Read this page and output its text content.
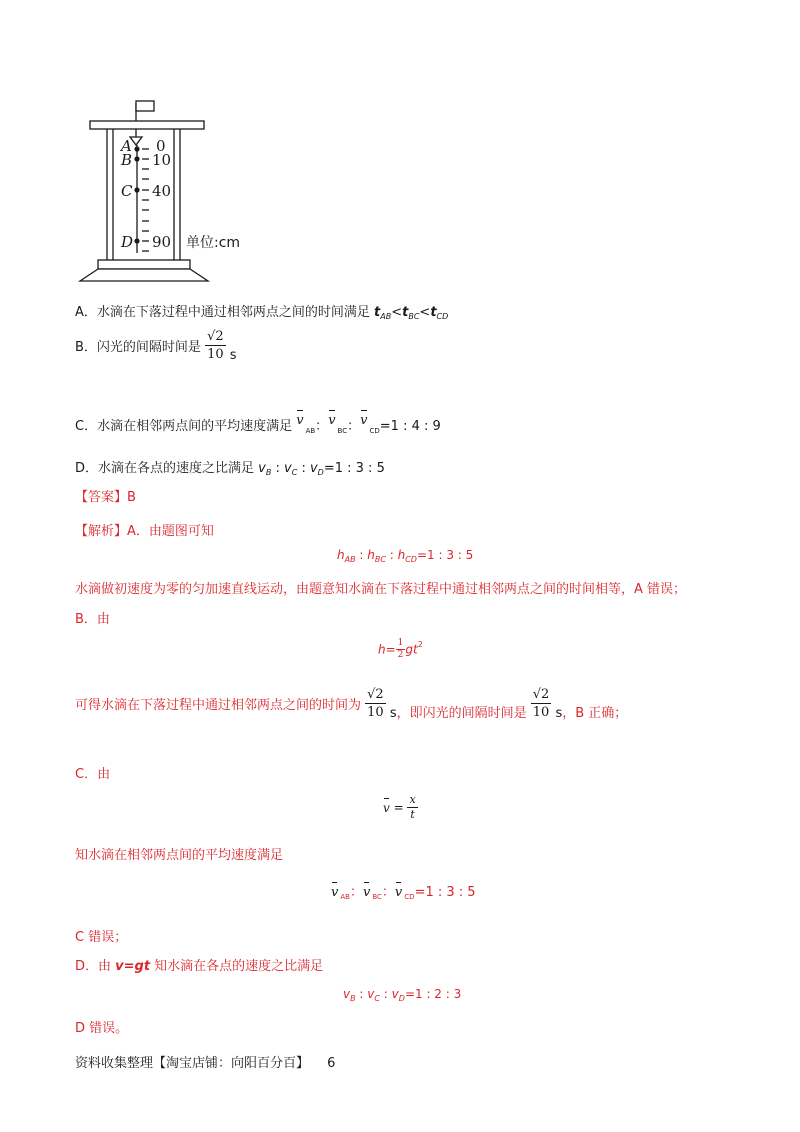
A 0
B 10
C 40
D 90 单位:cm
A．水滴在下落过程中通过相邻两点之间的时间满足 $t_{AB}<t_{BC}<t_{CD}$
B．闪光的间隔时间是 $\frac{√2}{10}$ s
C．水滴在相邻两点间的平均速度满足 $v_{AB}$：$v_{BC}$：$v_{CD}=1$ : 4 : 9
D．水滴在各点的速度之比满足 $v_B$ : $v_C$ : $v_D=1$ : 3 : 5
【答案】B
【解析】A．由题图可知
$h_{AB}$ : $h_{BC}$ : $h_{CD}=1$ : 3 : 5
水滴做初速度为零的匀加速直线运动，由题意知水滴在下落过程中通过相邻两点之间的时间相等，A 错误；
B．由
$h= \frac{1}{2} gt^2$
可得水滴在下落过程中通过相邻两点之间的时间为 $\frac{√2}{10}$ s，即闪光的间隔时间是 $\frac{√2}{10}$ s，B 正确；
C．由
$v = \frac{x}{t}$
知水滴在相邻两点间的平均速度满足
v $_{AB}$：v $_{BC}$：v $_{CD}$=1 : 3 : 5
C 错误；
D．由 v=gt 知水滴在各点的速度之比满足
$v_B$ : $v_C$ : $v_D=1$ : 2 : 3
D 错误。
资料收集整理【淘宝店铺：向阳百分百】 6
